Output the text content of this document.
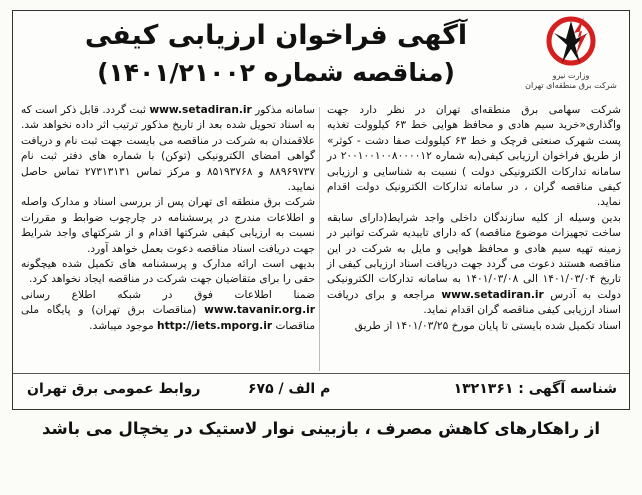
وزارت نیرو
شرکت برق منطقه‌ای تهران
آگهی فراخوان ارزیابی کیفی
(مناقصه شماره ۱۴۰۱/۲۱۰۰۲)

شرکت سهامی برق منطقه‌ای تهران در نظر دارد جهت واگذاری«خرید سیم هادی و محافظ هوایی خط ۶۳ کیلوولت تغذیه پست شهرک صنعتی قرچک و خط ۶۳ کیلوولت صفا دشت - کوثر» از طریق فراخوان ارزیابی کیفی(به شماره ۲۰۰۱۰۰۱۰۰۸۰۰۰۰۱۲ در سامانه تدارکات الکترونیکی دولت ) نسبت به شناسایی و ارزیابی کیفی مناقصه گران ، در سامانه تدارکات الکترونیک دولت اقدام نماید.

بدین وسیله از کلیه سازندگان داخلی واجد شرایط(دارای سابقه ساخت تجهیزات موضوع مناقصه) که دارای تاییدیه شرکت توانیر در زمینه تهیه سیم هادی و محافظ هوایی و مایل به شرکت در این مناقصه هستند دعوت می گردد جهت دریافت اسناد ارزیابی کیفی از تاریخ ۱۴۰۱/۰۳/۰۴ الی ۱۴۰۱/۰۳/۰۸ به سامانه تدارکات الکترونیکی دولت به آدرس www.setadiran.ir مراجعه و برای دریافت اسناد ارزیابی کیفی مناقصه گران اقدام نماید.

اسناد تکمیل شده بایستی تا پایان مورخ ۱۴۰۱/۰۳/۲۵ از طریق

سامانه مذکور www.setadiran.ir ثبت گردد. قابل ذکر است که به اسناد تحویل شده بعد از تاریخ مذکور ترتیب اثر داده نخواهد شد. علاقمندان به شرکت در مناقصه می بایست جهت ثبت نام و دریافت گواهی امضای الکترونیکی (توکن) با شماره های دفتر ثبت نام ۸۸۹۶۹۷۳۷ و ۸۵۱۹۳۷۶۸ و مرکز تماس ۲۷۳۱۳۱۳۱ تماس حاصل نمایید.

شرکت برق منطقه ای تهران پس از بررسی اسناد و مدارک واصله و اطلاعات مندرج در پرسشنامه در چارچوب ضوابط و مقررات نسبت به ارزیابی کیفی شرکتها اقدام و از شرکتهای واجد شرایط جهت دریافت اسناد مناقصه دعوت بعمل خواهد آورد.

بدیهی است ارائه مدارک و پرسشنامه های تکمیل شده هیچگونه حقی را برای متقاضیان جهت شرکت در مناقصه ایجاد نخواهد کرد.

ضمنا اطلاعات فوق در شبکه اطلاع رسانی www.tavanir.org.ir (مناقصات برق تهران) و پایگاه ملی مناقصات http://iets.mporg.ir موجود میباشد.

شناسه آگهی : ۱۳۲۱۳۶۱
م الف / ۶۷۵
روابط عمومی برق تهران
از راهکارهای کاهش مصرف ، بازبینی نوار لاستیک در یخچال می باشد
